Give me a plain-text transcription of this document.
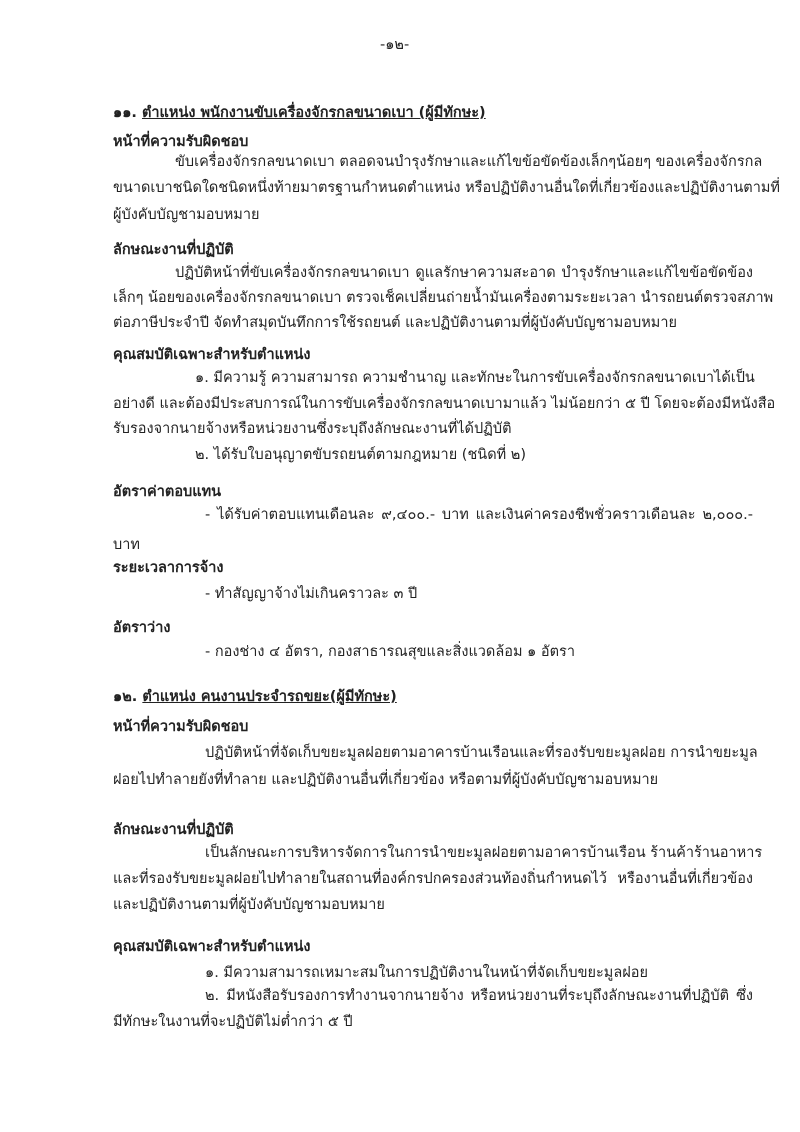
-๑๒-
๑๑. ตำแหน่ง พนักงานขับเครื่องจักรกลขนาดเบา (ผู้มีทักษะ)
หน้าที่ความรับผิดชอบ
ขับเครื่องจักรกลขนาดเบา ตลอดจนบำรุงรักษาและแก้ไขข้อขัดข้องเล็กๆน้อยๆ ของเครื่องจักรกล
ขนาดเบาชนิดใดชนิดหนึ่งท้ายมาตรฐานกำหนดตำแหน่ง หรือปฏิบัติงานอื่นใดที่เกี่ยวข้องและปฏิบัติงานตามที่
ผู้บังคับบัญชามอบหมาย
ลักษณะงานที่ปฏิบัติ
ปฏิบัติหน้าที่ขับเครื่องจักรกลขนาดเบา ดูแลรักษาความสะอาด บำรุงรักษาและแก้ไขข้อขัดข้อง
เล็กๆ น้อยของเครื่องจักรกลขนาดเบา ตรวจเช็คเปลี่ยนถ่ายน้ำมันเครื่องตามระยะเวลา นำรถยนต์ตรวจสภาพ
ต่อภาษีประจำปี จัดทำสมุดบันทึกการใช้รถยนต์ และปฏิบัติงานตามที่ผู้บังคับบัญชามอบหมาย
คุณสมบัติเฉพาะสำหรับตำแหน่ง
๑. มีความรู้ ความสามารถ ความชำนาญ และทักษะในการขับเครื่องจักรกลขนาดเบาได้เป็น
อย่างดี และต้องมีประสบการณ์ในการขับเครื่องจักรกลขนาดเบามาแล้ว ไม่น้อยกว่า ๕ ปี โดยจะต้องมีหนังสือ
รับรองจากนายจ้างหรือหน่วยงานซึ่งระบุถึงลักษณะงานที่ได้ปฏิบัติ
๒. ได้รับใบอนุญาตขับรถยนต์ตามกฎหมาย (ชนิดที่ ๒)
อัตราค่าตอบแทน
- ได้รับค่าตอบแทนเดือนละ ๙,๔๐๐.- บาท และเงินค่าครองชีพชั่วคราวเดือนละ ๒,๐๐๐.-
บาท
ระยะเวลาการจ้าง
- ทำสัญญาจ้างไม่เกินคราวละ ๓ ปี
อัตราว่าง
- กองช่าง ๔ อัตรา, กองสาธารณสุขและสิ่งแวดล้อม ๑ อัตรา
๑๒. ตำแหน่ง คนงานประจำรถขยะ(ผู้มีทักษะ)
หน้าที่ความรับผิดชอบ
ปฏิบัติหน้าที่จัดเก็บขยะมูลฝอยตามอาคารบ้านเรือนและที่รองรับขยะมูลฝอย การนำขยะมูล
ฝอยไปทำลายยังที่ทำลาย และปฏิบัติงานอื่นที่เกี่ยวข้อง หรือตามที่ผู้บังคับบัญชามอบหมาย
ลักษณะงานที่ปฏิบัติ
เป็นลักษณะการบริหารจัดการในการนำขยะมูลฝอยตามอาคารบ้านเรือน ร้านค้าร้านอาหาร
และที่รองรับขยะมูลฝอยไปทำลายในสถานที่องค์กรปกครองส่วนท้องถิ่นกำหนดไว้ หรืองานอื่นที่เกี่ยวข้อง
และปฏิบัติงานตามที่ผู้บังคับบัญชามอบหมาย
คุณสมบัติเฉพาะสำหรับตำแหน่ง
๑. มีความสามารถเหมาะสมในการปฏิบัติงานในหน้าที่จัดเก็บขยะมูลฝอย
๒. มีหนังสือรับรองการทำงานจากนายจ้าง หรือหน่วยงานที่ระบุถึงลักษณะงานที่ปฏิบัติ ซึ่ง
มีทักษะในงานที่จะปฏิบัติไม่ต่ำกว่า ๕ ปี
